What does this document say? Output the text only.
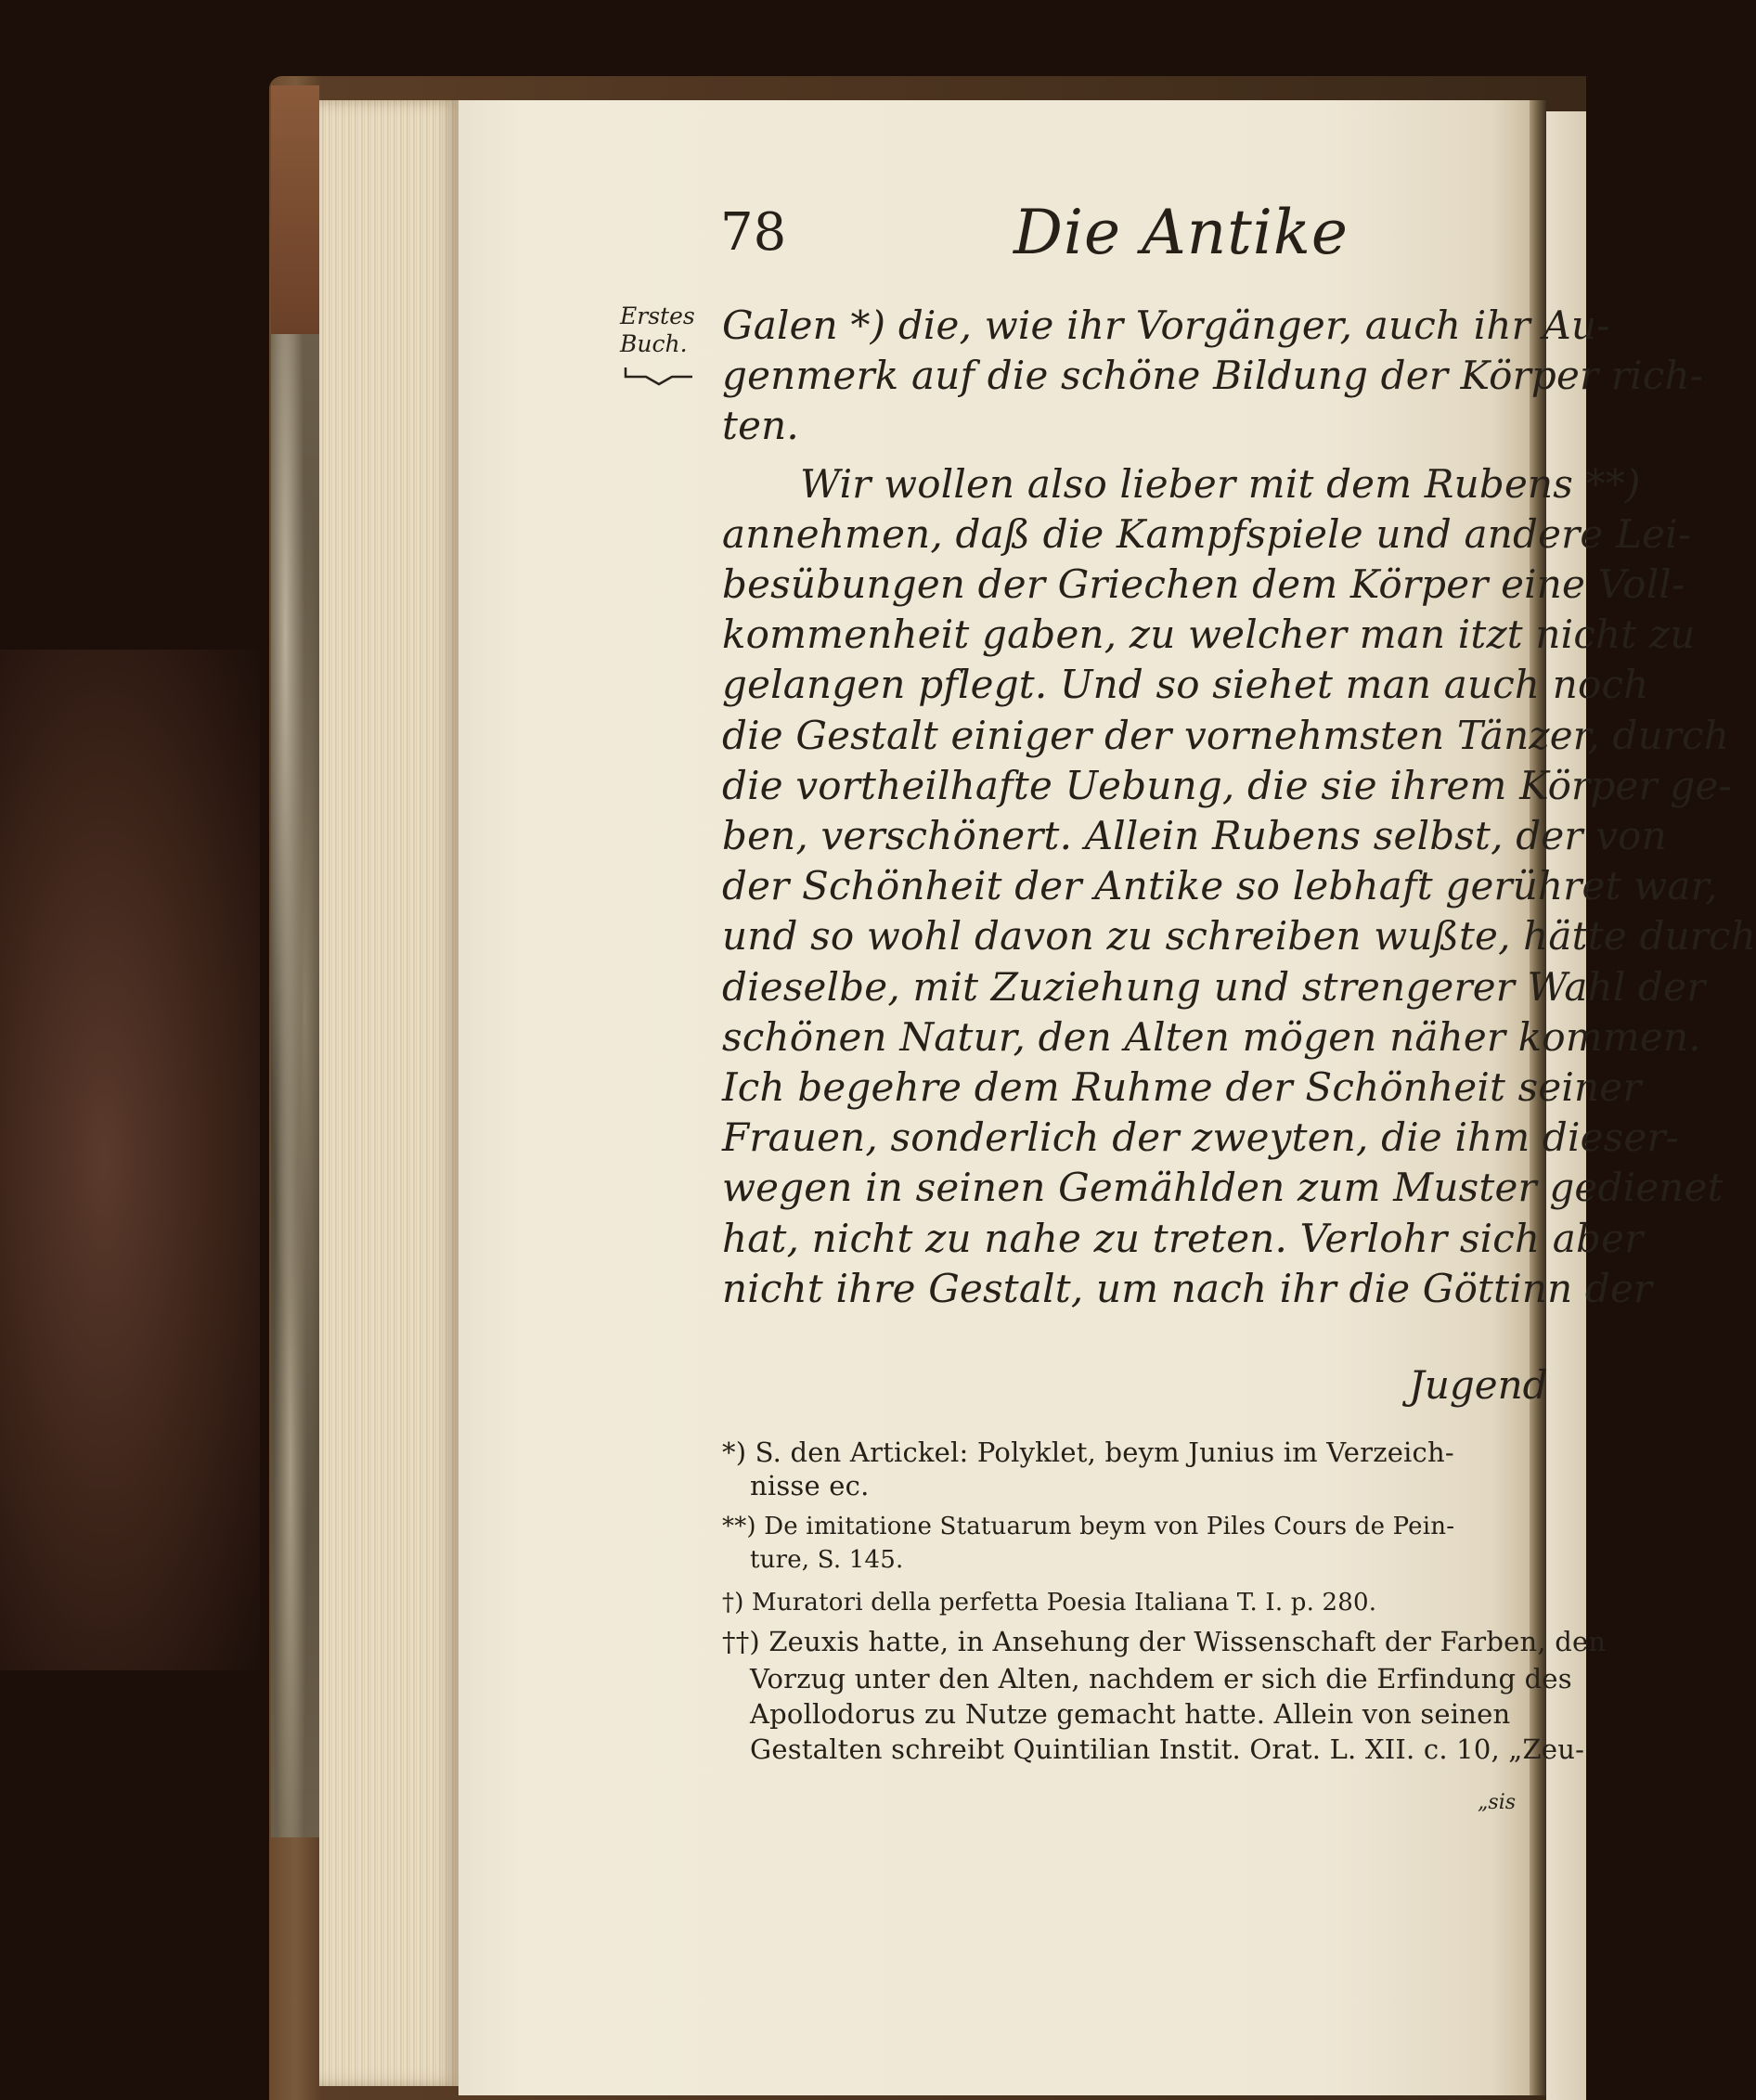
78	Die Antike
Erstes
Buch. Galen *) die, wie ihr Vorgänger, auch ihr Au-
genmerk auf die schöne Bildung der Körper rich-
ten.
Wir wollen also lieber mit dem Rubens **)
annehmen, daß die Kampfspiele und andere Lei-
besübungen der Griechen dem Körper eine Voll-
kommenheit gaben, zu welcher man itzt nicht zu
gelangen pflegt. Und so siehet man auch noch
die Gestalt einiger der vornehmsten Tänzer, durch
die vortheilhafte Uebung, die sie ihrem Körper ge-
ben, verschönert. Allein Rubens selbst, der von
der Schönheit der Antike so lebhaft gerühret war,
und so wohl davon zu schreiben wußte, hätte durch
dieselbe, mit Zuziehung und strengerer Wahl der
schönen Natur, den Alten mögen näher kommen.
Ich begehre dem Ruhme der Schönheit seiner
Frauen, sonderlich der zweyten, die ihm dieser-
wegen in seinen Gemählden zum Muster gedienet
hat, nicht zu nahe zu treten. Verlohr sich aber
nicht ihre Gestalt, um nach ihr die Göttinn der
Jugend
*) S. den Artickel: Polyklet, beym Junius im Verzeich-
nisse ec.
**) De imitatione Statuarum beym von Piles Cours de Pein-
ture, S. 145.
†) Muratori della perfetta Poesia Italiana T. I. p. 280.
††) Zeuxis hatte, in Ansehung der Wissenschaft der Farben, den
Vorzug unter den Alten, nachdem er sich die Erfindung des
Apollodorus zu Nutze gemacht hatte. Allein von seinen
Gestalten schreibt Quintilian Instit. Orat. L. XII. c. 10, „Zeu-
„sis
